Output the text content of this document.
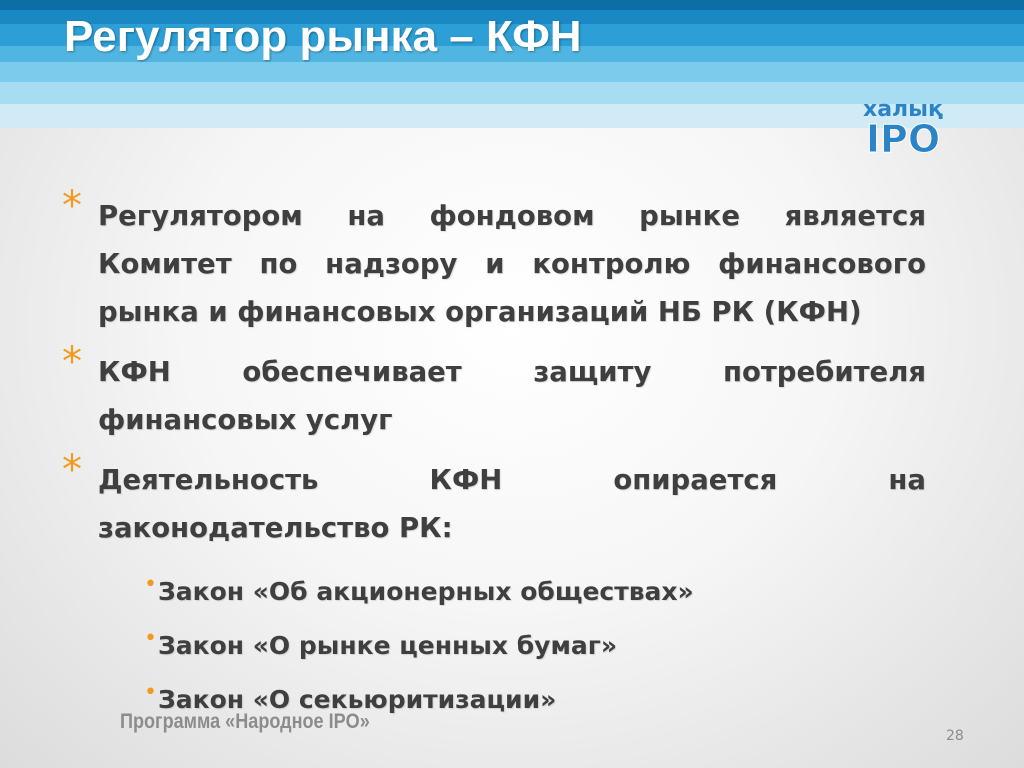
Регулятор рынка – КФН
халық
IPO
* Регулятором на фондовом рынке является
Комитет по надзору и контролю финансового
рынка и финансовых организаций НБ РК (КФН)
* КФН обеспечивает защиту потребителя
финансовых услуг
* Деятельность КФН опирается на
законодательство РК:
• Закон «Об акционерных обществах»
• Закон «О рынке ценных бумаг»
• Закон «О секьюритизации»
Программа «Народное IPO»
28
